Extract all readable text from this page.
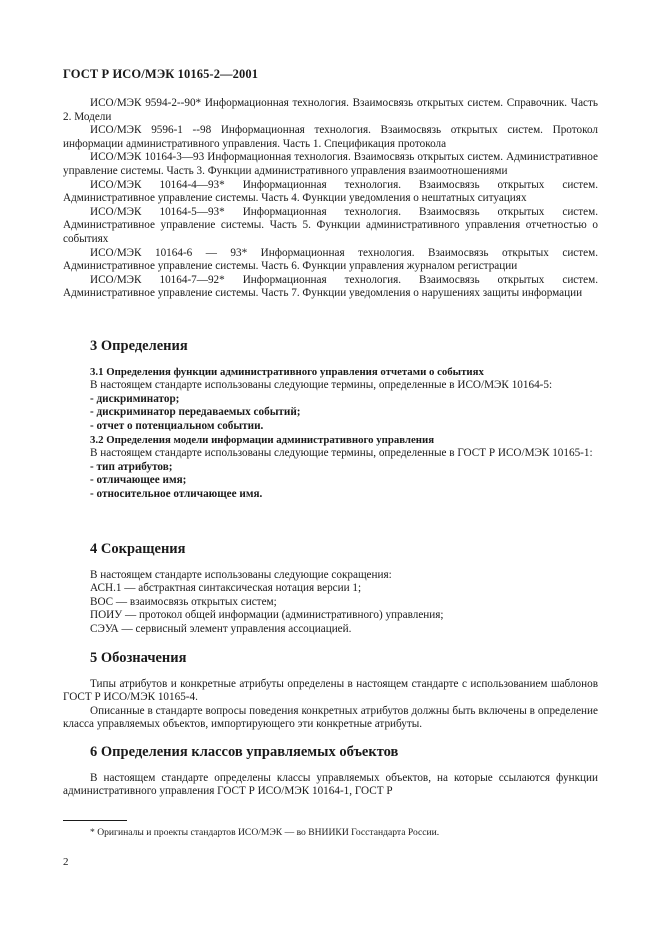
ГОСТ Р ИСО/МЭК 10165-2—2001

ИСО/МЭК 9594-2--90* Информационная технология. Взаимосвязь открытых систем. Справочник. Часть 2. Модели

ИСО/МЭК 9596-1 --98 Информационная технология. Взаимосвязь открытых систем. Протокол информации административного управления. Часть 1. Спецификация протокола

ИСО/МЭК 10164-3—93 Информационная технология. Взаимосвязь открытых систем. Административное управление системы. Часть 3. Функции административного управления взаимоотношениями

ИСО/МЭК 10164-4—93* Информационная технология. Взаимосвязь открытых систем. Административное управление системы. Часть 4. Функции уведомления о нештатных ситуациях

ИСО/МЭК 10164-5—93* Информационная технология. Взаимосвязь открытых систем. Административное управление системы. Часть 5. Функции административного управления отчетностью о событиях

ИСО/МЭК 10164-6 — 93* Информационная технология. Взаимосвязь открытых систем. Административное управление системы. Часть 6. Функции управления журналом регистрации

ИСО/МЭК 10164-7—92* Информационная технология. Взаимосвязь открытых систем. Административное управление системы. Часть 7. Функции уведомления о нарушениях защиты информации

3 Определения
3.1 Определения функции административного управления отчетами о событиях

В настоящем стандарте использованы следующие термины, определенные в ИСО/МЭК 10164-5:

- дискриминатор;

- дискриминатор передаваемых событий;

- отчет о потенциальном событии.

3.2 Определения модели информации административного управления

В настоящем стандарте использованы следующие термины, определенные в ГОСТ Р ИСО/МЭК 10165-1:

- тип атрибутов;

- отличающее имя;

- относительное отличающее имя.

4 Сокращения

В настоящем стандарте использованы следующие сокращения:

АСН.1 — абстрактная синтаксическая нотация версии 1;

ВОС — взаимосвязь открытых систем;

ПОИУ — протокол общей информации (административного) управления;

СЭУА — сервисный элемент управления ассоциацией.

5 Обозначения

Типы атрибутов и конкретные атрибуты определены в настоящем стандарте с использованием шаблонов ГОСТ Р ИСО/МЭК 10165-4.

Описанные в стандарте вопросы поведения конкретных атрибутов должны быть включены в определение класса управляемых объектов, импортирующего эти конкретные атрибуты.

6 Определения классов управляемых объектов

В настоящем стандарте определены классы управляемых объектов, на которые ссылаются функции административного управления ГОСТ Р ИСО/МЭК 10164-1, ГОСТ Р

* Оригиналы и проекты стандартов ИСО/МЭК — во ВНИИКИ Госстандарта России.
2
